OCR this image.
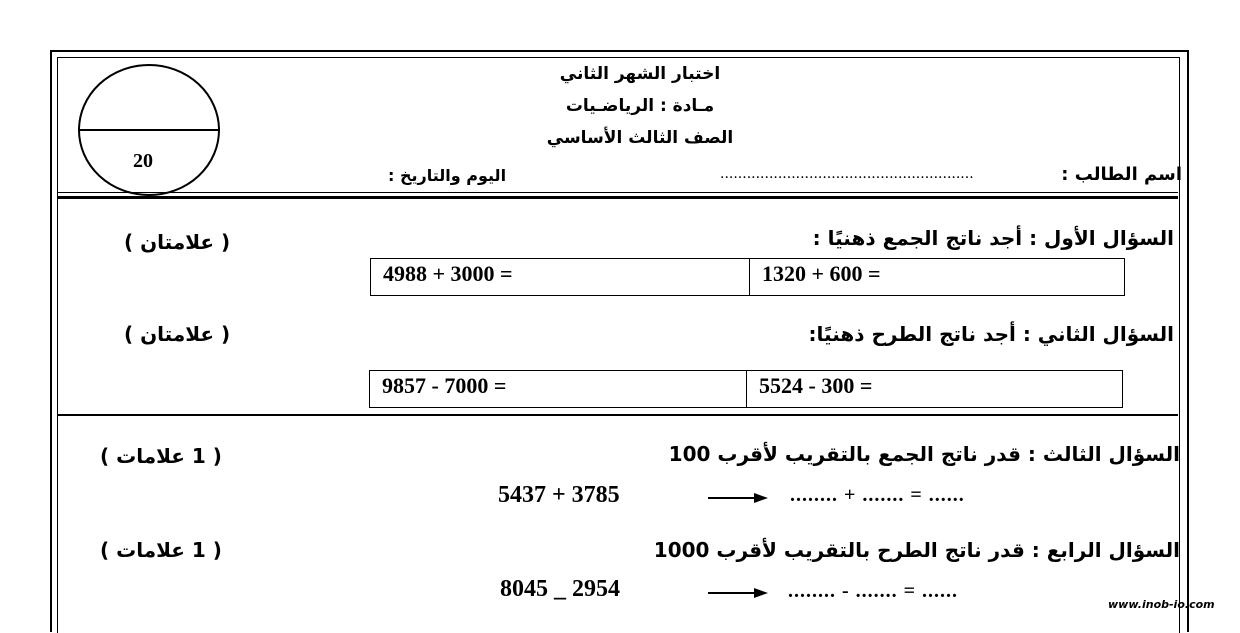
20
اختبار الشهر الثاني
مـادة : الرياضـيات
الصف الثالث الأساسي
اسم الطالب :
.........................................................
اليوم والتاريخ :
السؤال الأول : أجد ناتج الجمع ذهنيًا :
( علامتان )
4988 + 3000 =	1320 + 600 =
السؤال الثاني : أجد ناتج الطرح ذهنيًا:
( علامتان )
9857 - 7000 =	5524 - 300 =
السؤال الثالث : قدر ناتج الجمع بالتقريب لأقرب 100
( 1 علامات )
5437 + 3785	........ + ....... = ......
السؤال الرابع : قدر ناتج الطرح بالتقريب لأقرب 1000
( 1 علامات )
8045 _ 2954	........ - ....... = ......
www.inob-io.com
